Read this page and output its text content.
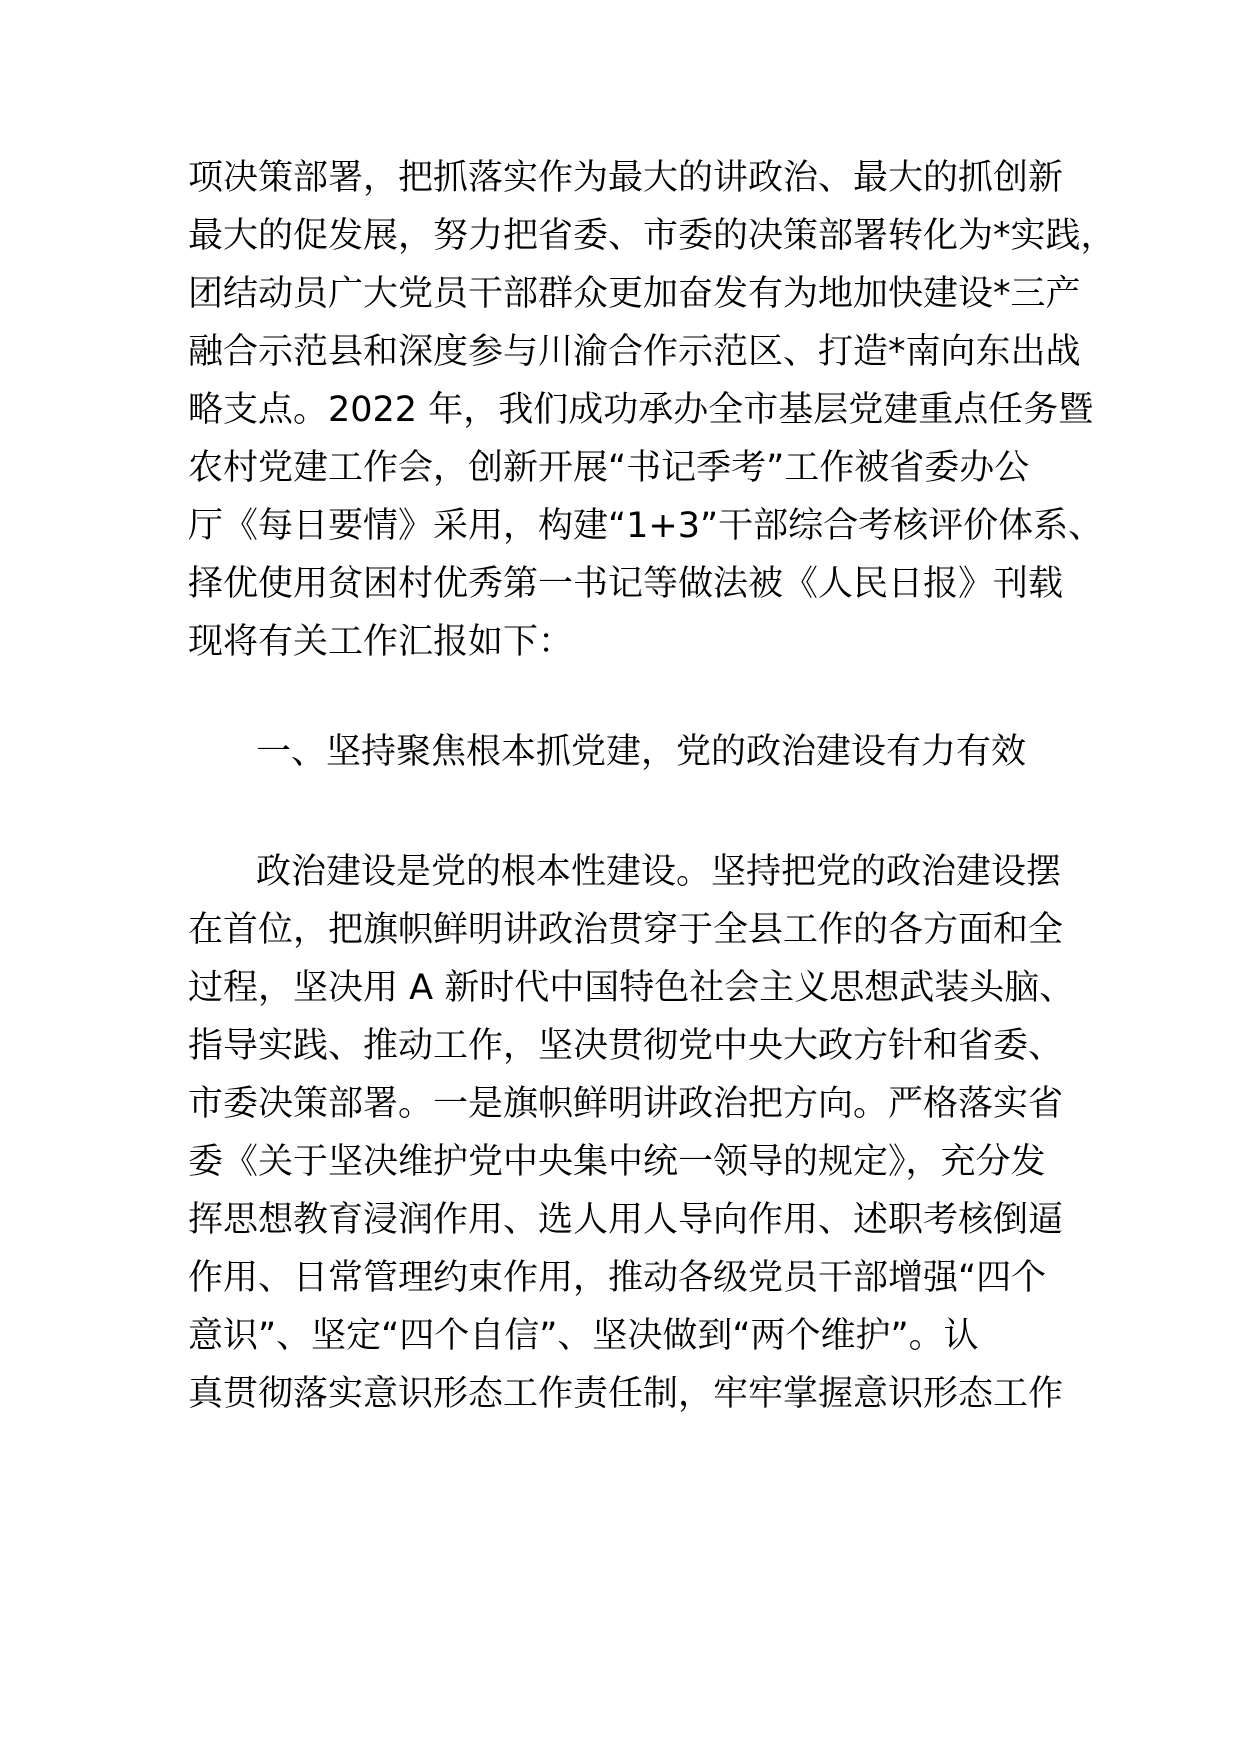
项决策部署，把抓落实作为最大的讲政治、最大的抓创新
最大的促发展，努力把省委、市委的决策部署转化为*实践，
团结动员广大党员干部群众更加奋发有为地加快建设*三产
融合示范县和深度参与川渝合作示范区、打造*南向东出战
略支点。2022 年，我们成功承办全市基层党建重点任务暨
农村党建工作会，创新开展“书记季考”工作被省委办公
厅《每日要情》采用，构建“1+3”干部综合考核评价体系、
择优使用贫困村优秀第一书记等做法被《人民日报》刊载
现将有关工作汇报如下：
一、坚持聚焦根本抓党建，党的政治建设有力有效
政治建设是党的根本性建设。坚持把党的政治建设摆
在首位，把旗帜鲜明讲政治贯穿于全县工作的各方面和全
过程，坚决用 A 新时代中国特色社会主义思想武装头脑、
指导实践、推动工作，坚决贯彻党中央大政方针和省委、
市委决策部署。一是旗帜鲜明讲政治把方向。严格落实省
委《关于坚决维护党中央集中统一领导的规定》，充分发
挥思想教育浸润作用、选人用人导向作用、述职考核倒逼
作用、日常管理约束作用，推动各级党员干部增强“四个
意识”、坚定“四个自信”、坚决做到“两个维护”。认
真贯彻落实意识形态工作责任制，牢牢掌握意识形态工作
